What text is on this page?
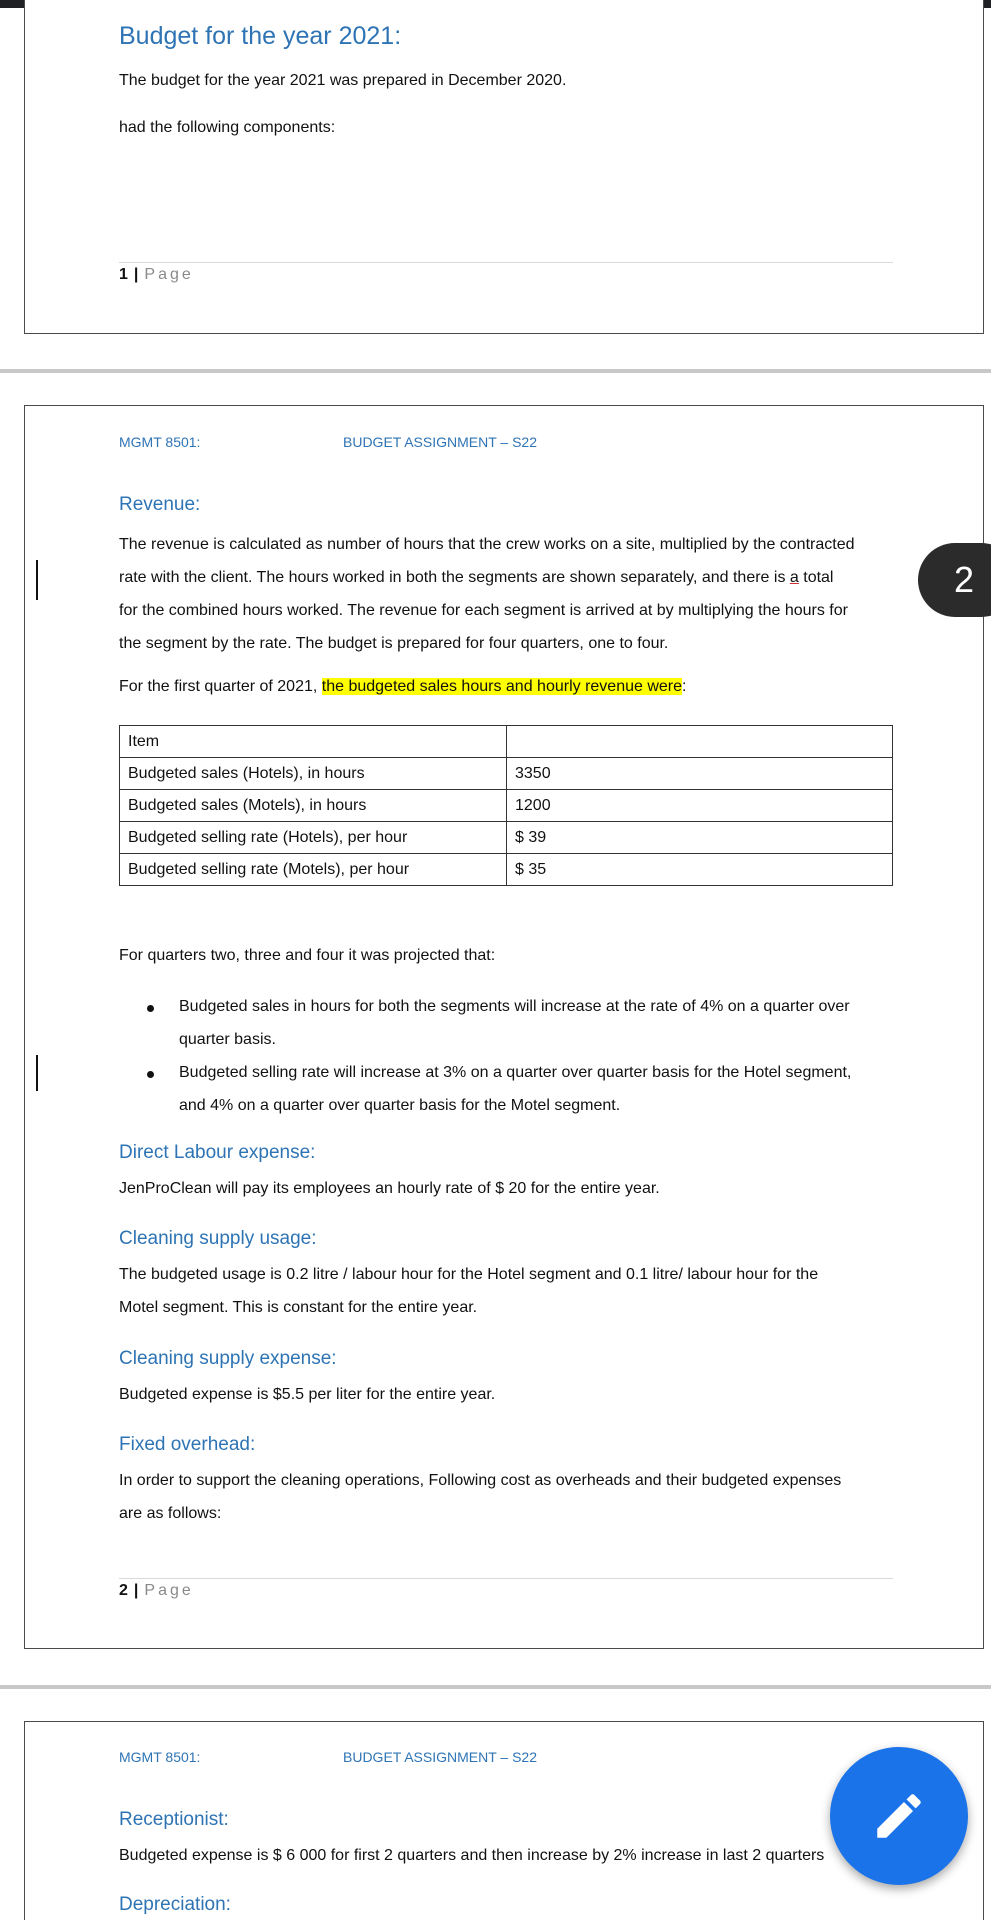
Budget for the year 2021:
The budget for the year 2021 was prepared in December 2020.
had the following components:
1 | Page
MGMT 8501:	BUDGET ASSIGNMENT – S22
Revenue:
The revenue is calculated as number of hours that the crew works on a site, multiplied by the contracted
rate with the client. The hours worked in both the segments are shown separately, and there is a total
for the combined hours worked. The revenue for each segment is arrived at by multiplying the hours for
the segment by the rate. The budget is prepared for four quarters, one to four.
For the first quarter of 2021, the budgeted sales hours and hourly revenue were:
Item	
Budgeted sales (Hotels), in hours	3350
Budgeted sales (Motels), in hours	1200
Budgeted selling rate (Hotels), per hour	$ 39
Budgeted selling rate (Motels), per hour	$ 35
For quarters two, three and four it was projected that:
Budgeted sales in hours for both the segments will increase at the rate of 4% on a quarter over
quarter basis.
Budgeted selling rate will increase at 3% on a quarter over quarter basis for the Hotel segment,
and 4% on a quarter over quarter basis for the Motel segment.
Direct Labour expense:
JenProClean will pay its employees an hourly rate of $ 20 for the entire year.
Cleaning supply usage:
The budgeted usage is 0.2 litre / labour hour for the Hotel segment and 0.1 litre/ labour hour for the
Motel segment. This is constant for the entire year.
Cleaning supply expense:
Budgeted expense is $5.5 per liter for the entire year.
Fixed overhead:
In order to support the cleaning operations, Following cost as overheads and their budgeted expenses
are as follows:
2 | Page
MGMT 8501:	BUDGET ASSIGNMENT – S22
Receptionist:
Budgeted expense is $ 6 000 for first 2 quarters and then increase by 2% increase in last 2 quarters
Depreciation:
2
